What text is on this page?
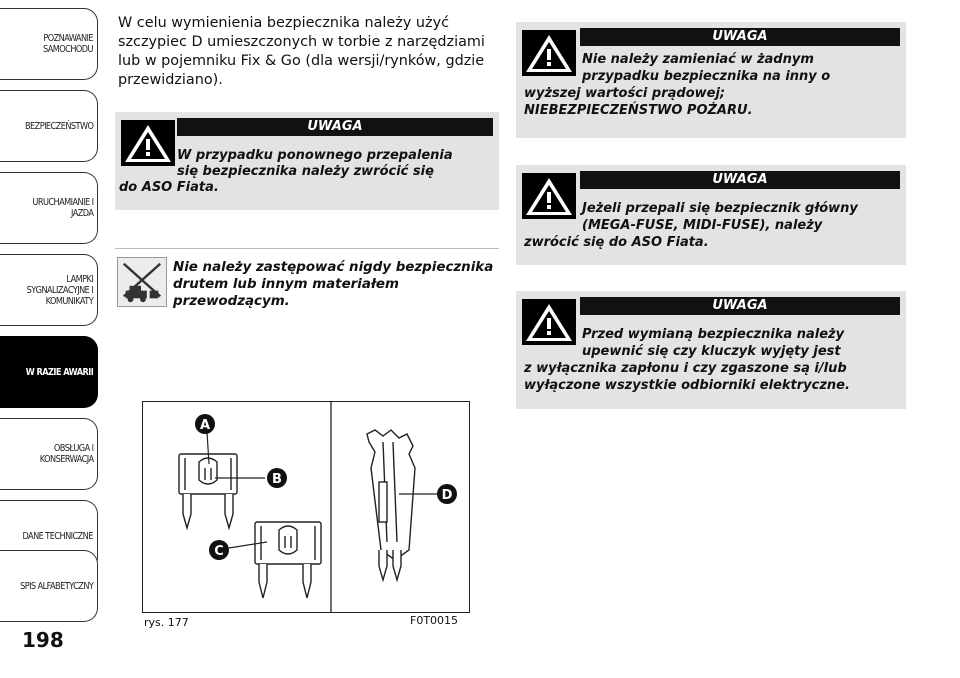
POZNAWANIE
SAMOCHODU
BEZPIECZEŃSTWO
URUCHAMIANIE I
JAZDA
LAMPKI
SYGNALIZACYJNE I
KOMUNIKATY
W RAZIE AWARII
OBSŁUGA I
KONSERWACJA
DANE TECHNICZNE
SPIS ALFABETYCZNY
198
W celu wymienienia bezpiecznika należy użyć szczypiec D umieszczonych w torbie z narzędziami lub w pojemniku Fix & Go (dla wersji/rynków, gdzie przewidziano).
UWAGA
W przypadku ponownego przepalenia
się bezpiecznika należy zwrócić się
do ASO Fiata.
Nie należy zastępować nigdy bezpiecznika
drutem lub innym materiałem
przewodzącym.
UWAGA
Nie należy zamieniać w żadnym
przypadku bezpiecznika na inny o
wyższej wartości prądowej;
NIEBEZPIECZEŃSTWO POŻARU.
UWAGA
Jeżeli przepali się bezpiecznik główny
(MEGA-FUSE, MIDI-FUSE), należy
zwrócić się do ASO Fiata.
UWAGA
Przed wymianą bezpiecznika należy
upewnić się czy kluczyk wyjęty jest
z wyłącznika zapłonu i czy zgaszone są i/lub
wyłączone wszystkie odbiorniki elektryczne.
A
B
C
D
rys. 177	F0T0015
